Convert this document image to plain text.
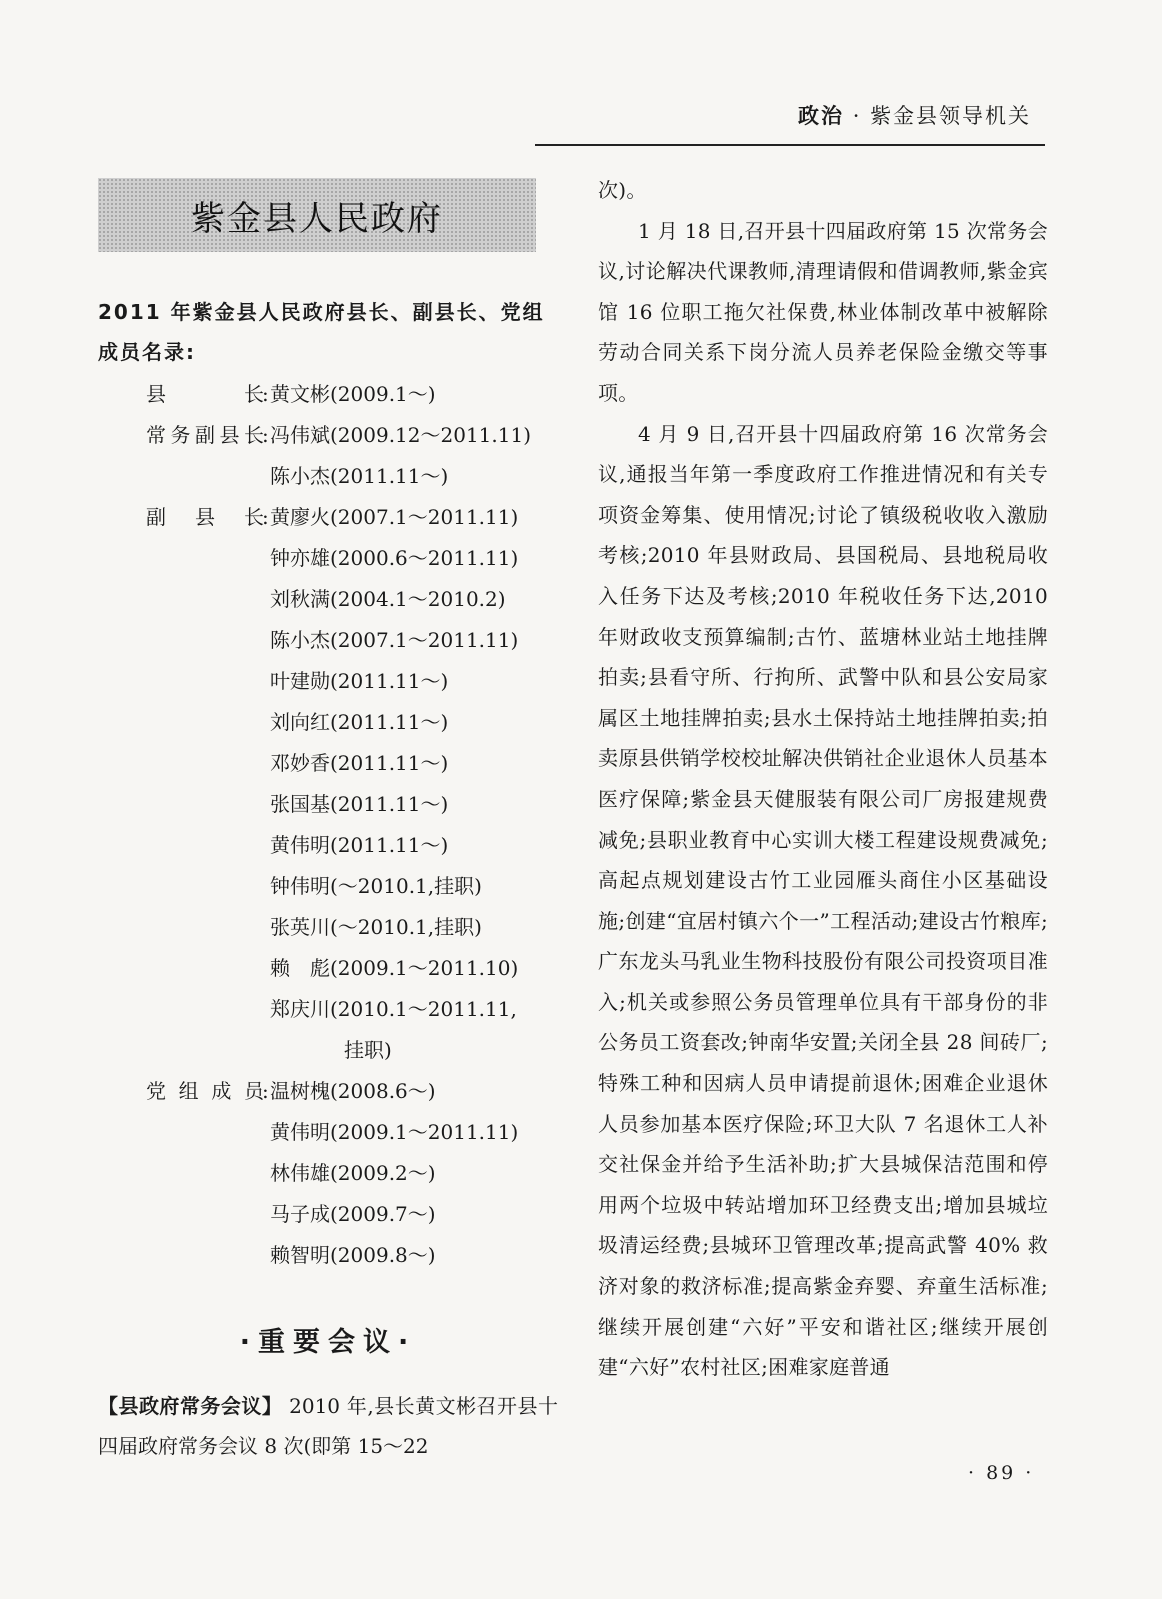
政治 · 紫金县领导机关
紫金县人民政府
2011 年紫金县人民政府县长、副县长、党组成员名录:
县长
: 黄文彬(2009.1～)
常务副县长
: 冯伟斌(2009.12～2011.11)
陈小杰(2011.11～)
副县长
: 黄廖火(2007.1～2011.11)
钟亦雄(2000.6～2011.11)
刘秋满(2004.1～2010.2)
陈小杰(2007.1～2011.11)
叶建勋(2011.11～)
刘向红(2011.11～)
邓妙香(2011.11～)
张国基(2011.11～)
黄伟明(2011.11～)
钟伟明(～2010.1,挂职)
张英川(～2010.1,挂职)
赖　彪(2009.1～2011.10)
郑庆川(2010.1～2011.11,
挂职)
党组成员
: 温树槐(2008.6～)
黄伟明(2009.1～2011.11)
林伟雄(2009.2～)
马子成(2009.7～)
赖智明(2009.8～)
·重要会议·
【县政府常务会议】 2010 年,县长黄文彬召开县十四届政府常务会议 8 次(即第 15～22

次)。

1 月 18 日,召开县十四届政府第 15 次常务会议,讨论解决代课教师,清理请假和借调教师,紫金宾馆 16 位职工拖欠社保费,林业体制改革中被解除劳动合同关系下岗分流人员养老保险金缴交等事项。

4 月 9 日,召开县十四届政府第 16 次常务会议,通报当年第一季度政府工作推进情况和有关专项资金筹集、使用情况;讨论了镇级税收收入激励考核;2010 年县财政局、县国税局、县地税局收入任务下达及考核;2010 年税收任务下达,2010 年财政收支预算编制;古竹、蓝塘林业站土地挂牌拍卖;县看守所、行拘所、武警中队和县公安局家属区土地挂牌拍卖;县水土保持站土地挂牌拍卖;拍卖原县供销学校校址解决供销社企业退休人员基本医疗保障;紫金县天健服装有限公司厂房报建规费减免;县职业教育中心实训大楼工程建设规费减免;高起点规划建设古竹工业园雁头商住小区基础设施;创建“宜居村镇六个一”工程活动;建设古竹粮库;广东龙头马乳业生物科技股份有限公司投资项目准入;机关或参照公务员管理单位具有干部身份的非公务员工资套改;钟南华安置;关闭全县 28 间砖厂;特殊工种和因病人员申请提前退休;困难企业退休人员参加基本医疗保险;环卫大队 7 名退休工人补交社保金并给予生活补助;扩大县城保洁范围和停用两个垃圾中转站增加环卫经费支出;增加县城垃圾清运经费;县城环卫管理改革;提高武警 40% 救济对象的救济标准;提高紫金弃婴、弃童生活标准;继续开展创建“六好”平安和谐社区;继续开展创建“六好”农村社区;困难家庭普通

· 89 ·
